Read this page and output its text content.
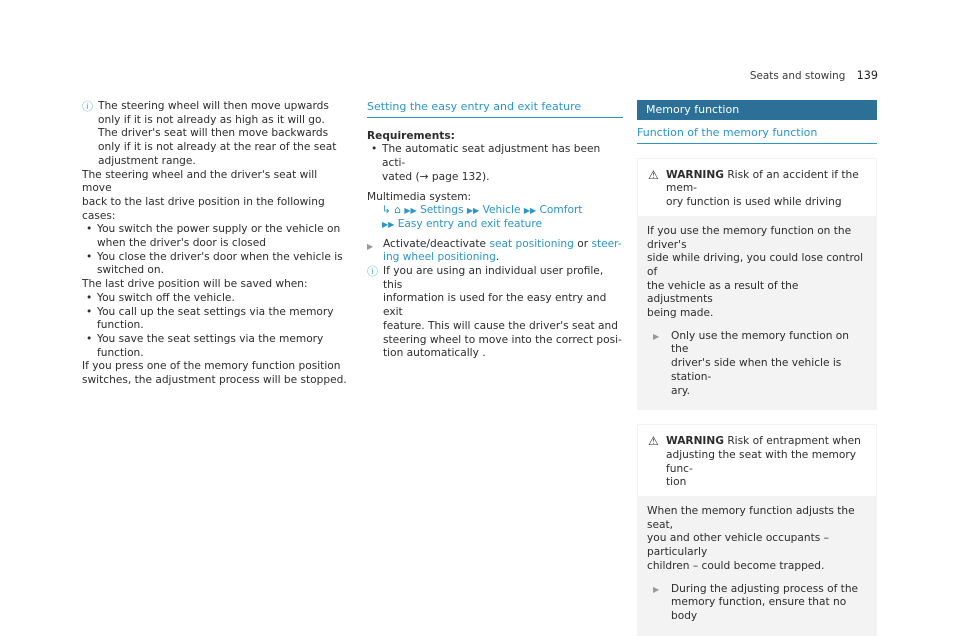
Seats and stowing 139
ⓘ The steering wheel will then move upwards
only if it is not already as high as it will go.
The driver's seat will then move backwards
only if it is not already at the rear of the seat
adjustment range.
The steering wheel and the driver's seat will move
back to the last drive position in the following
cases:
• You switch the power supply or the vehicle on
when the driver's door is closed
• You close the driver's door when the vehicle is
switched on.
The last drive position will be saved when:
• You switch off the vehicle.
• You call up the seat settings via the memory
function.
• You save the seat settings via the memory
function.
If you press one of the memory function position
switches, the adjustment process will be stopped.
Setting the easy entry and exit feature
Requirements:
• The automatic seat adjustment has been acti-
vated (→ page 132).
Multimedia system:
↳ ⌂ ▶▶ Settings ▶▶ Vehicle ▶▶ Comfort
▶▶ Easy entry and exit feature
▶ Activate/deactivate seat positioning or steer-
ing wheel positioning.
ⓘ If you are using an individual user profile, this
information is used for the easy entry and exit
feature. This will cause the driver's seat and
steering wheel to move into the correct posi-
tion automatically .
Memory function
Function of the memory function
⚠ WARNING Risk of an accident if the mem-
ory function is used while driving
If you use the memory function on the driver's
side while driving, you could lose control of
the vehicle as a result of the adjustments
being made.
▶	Only use the memory function on the
driver's side when the vehicle is station-
ary.
⚠ WARNING Risk of entrapment when
adjusting the seat with the memory func-
tion
When the memory function adjusts the seat,
you and other vehicle occupants – particularly
children – could become trapped.
▶	During the adjusting process of the
memory function, ensure that no body
